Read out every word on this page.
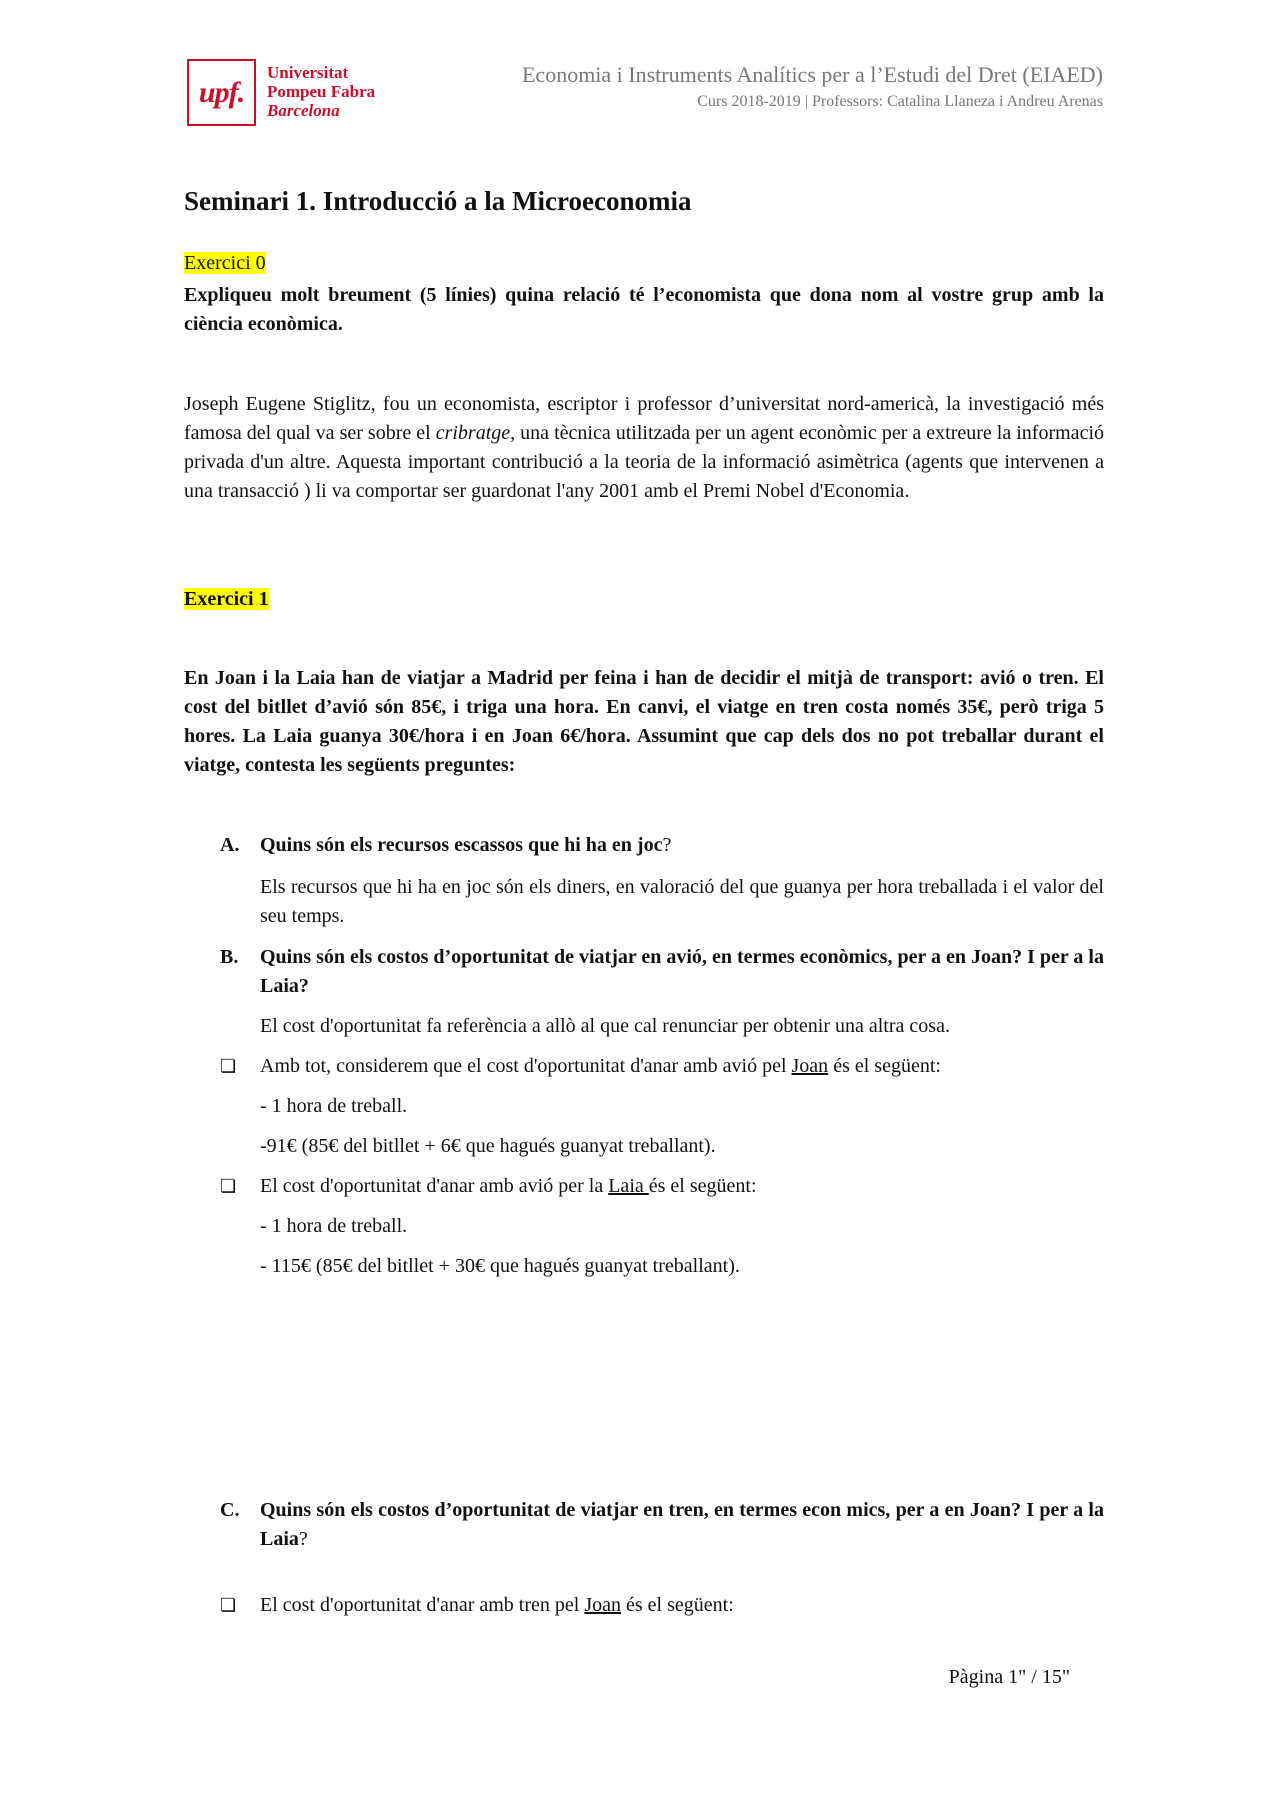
upf.
Universitat
Pompeu Fabra
Barcelona
Economia i Instruments Analítics per a l’Estudi del Dret (EIAED)
Curs 2018-2019 | Professors: Catalina Llaneza i Andreu Arenas
Seminari 1. Introducció a la Microeconomia
Exercici 0
Expliqueu molt breument (5 línies) quina relació té l’economista que dona nom al vostre grup amb la ciència econòmica.
Joseph Eugene Stiglitz, fou un economista, escriptor i professor d’universitat nord-americà, la investigació més famosa del qual va ser sobre el cribratge, una tècnica utilitzada per un agent econòmic per a extreure la informació privada d'un altre. Aquesta important contribució a la teoria de la informació asimètrica (agents que intervenen a una transacció ) li va comportar ser guardonat l'any 2001 amb el Premi Nobel d'Economia.
Exercici 1
En Joan i la Laia han de viatjar a Madrid per feina i han de decidir el mitjà de transport: avió o tren. El cost del bitllet d’avió són 85€, i triga una hora. En canvi, el viatge en tren costa només 35€, però triga 5 hores. La Laia guanya 30€/hora i en Joan 6€/hora. Assumint que cap dels dos no pot treballar durant el viatge, contesta les següents preguntes:
A. Quins són els recursos escassos que hi ha en joc?
Els recursos que hi ha en joc són els diners, en valoració del que guanya per hora treballada i el valor del seu temps.
B. Quins són els costos d’oportunitat de viatjar en avió, en termes econòmics, per a en Joan? I per a la Laia?
El cost d'oportunitat fa referència a allò al que cal renunciar per obtenir una altra cosa.
❏ Amb tot, considerem que el cost d'oportunitat d'anar amb avió pel Joan és el següent:
- 1 hora de treball.
-91€ (85€ del bitllet + 6€ que hagués guanyat treballant).
❏ El cost d'oportunitat d'anar amb avió per la Laia és el següent:
- 1 hora de treball.
- 115€ (85€ del bitllet + 30€ que hagués guanyat treballant).
C. Quins són els costos d’oportunitat de viatjar en tren, en termes econ mics, per a en Joan? I per a la Laia?
❏ El cost d'oportunitat d'anar amb tren pel Joan és el següent:
Pàgina 1" / 15"
